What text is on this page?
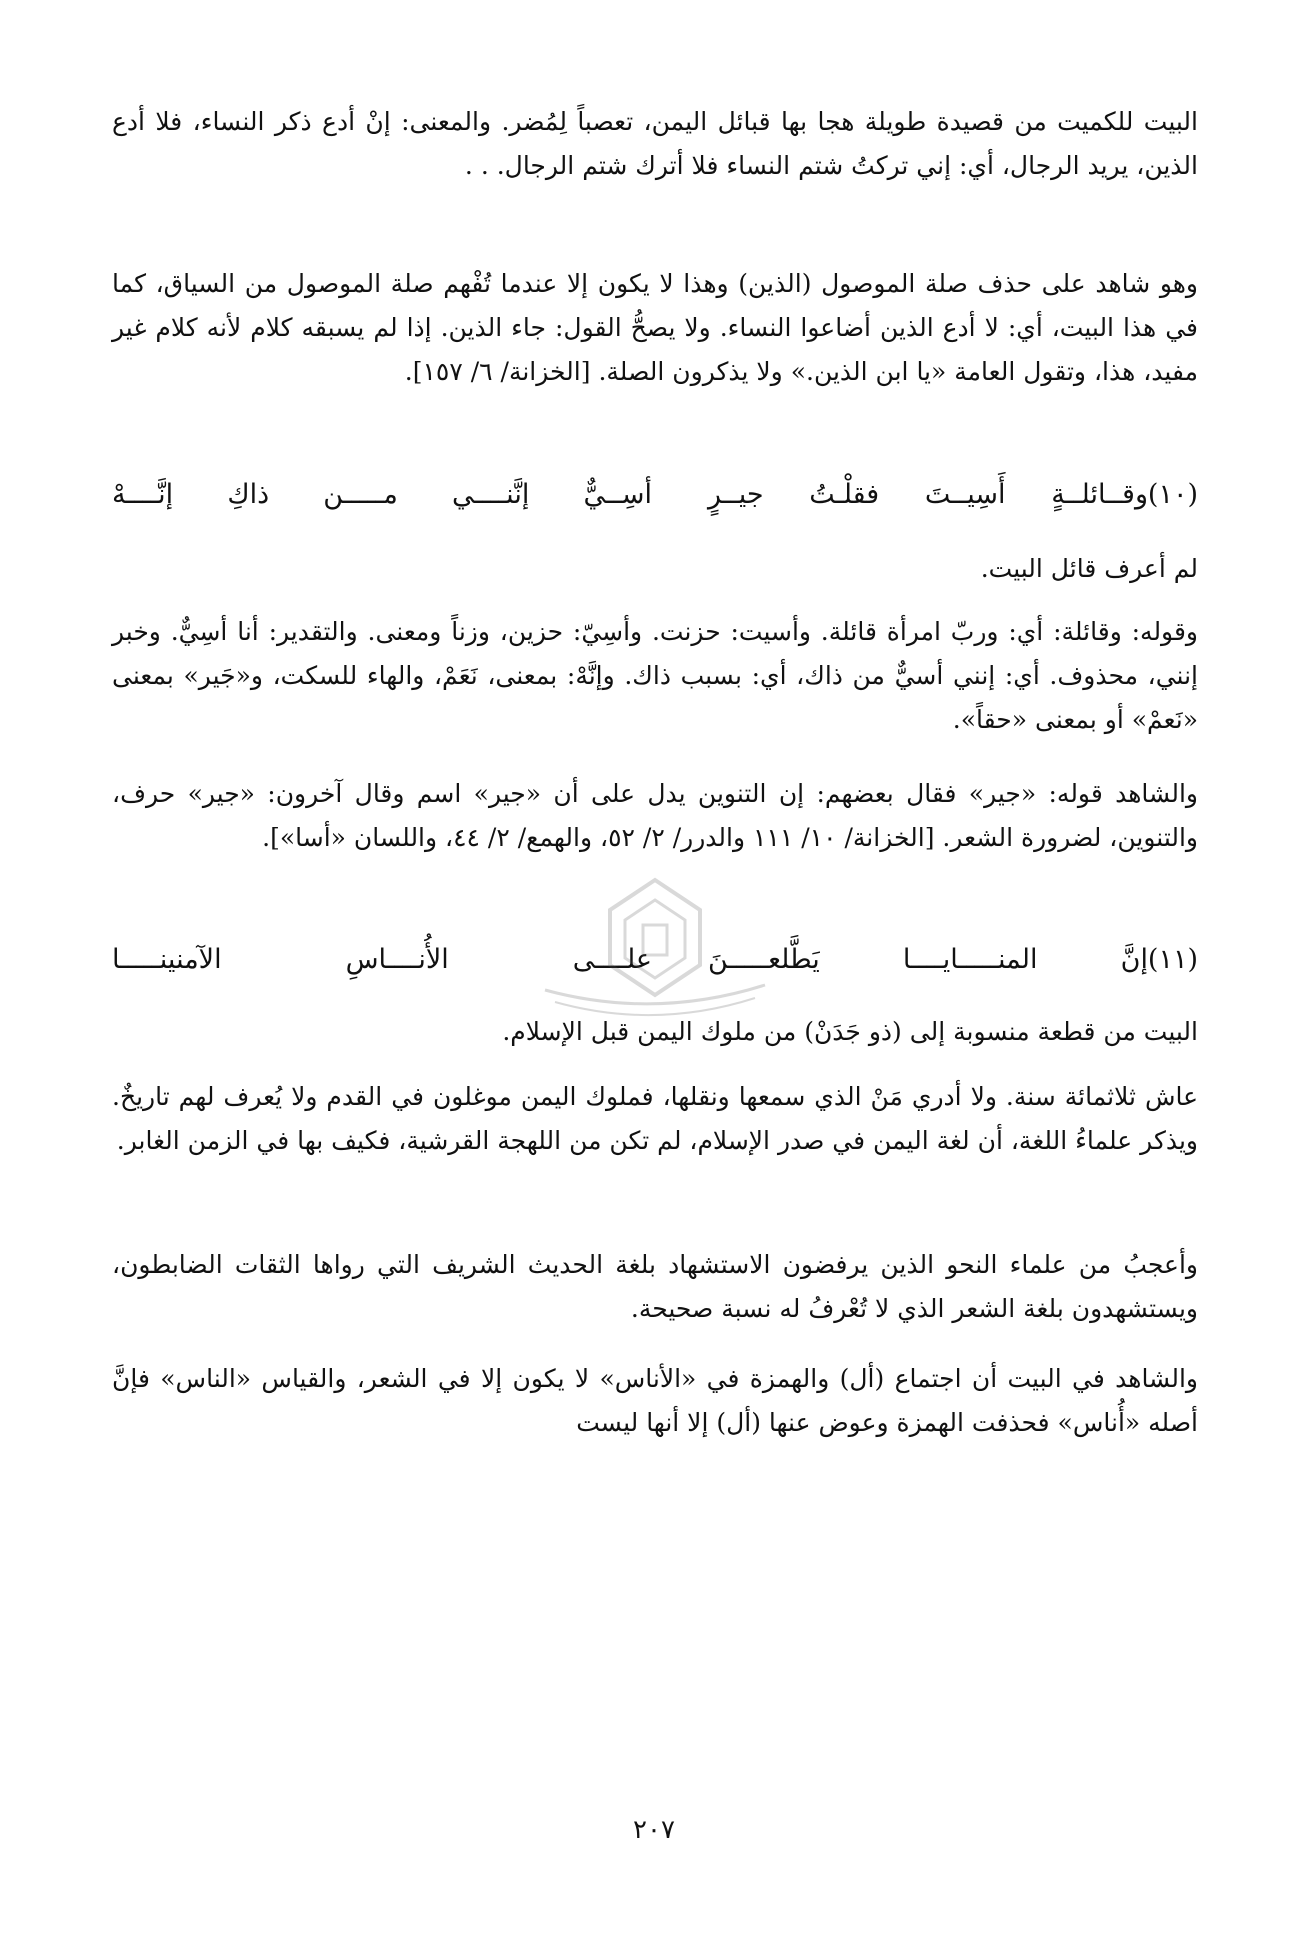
البيت للكميت من قصيدة طويلة هجا بها قبائل اليمن، تعصباً لِمُضر. والمعنى: إنْ أدع ذكر النساء، فلا أدع الذين، يريد الرجال، أي: إني تركتُ شتم النساء فلا أترك شتم الرجال. . .

وهو شاهد على حذف صلة الموصول (الذين) وهذا لا يكون إلا عندما تُفْهم صلة الموصول من السياق، كما في هذا البيت، أي: لا أدع الذين أضاعوا النساء. ولا يصحُّ القول: جاء الذين. إذا لم يسبقه كلام لأنه كلام غير مفيد، هذا، وتقول العامة «يا ابن الذين.» ولا يذكرون الصلة. [الخزانة/ ٦/ ١٥٧].

(١٠)
وقــائلــةٍ أَسِيــتَ فقلْـتُ جيــرٍ
أسِــيٌّ إنَّنــــي مـــــن ذاكِ إنَّــــهْ

لم أعرف قائل البيت.

وقوله: وقائلة: أي: وربّ امرأة قائلة. وأسيت: حزنت. وأسِيّ: حزين، وزناً ومعنى. والتقدير: أنا أسِيٌّ. وخبر إنني، محذوف. أي: إنني أسيٌّ من ذاك، أي: بسبب ذاك. وإنَّهْ: بمعنى، نَعَمْ، والهاء للسكت، و«جَير» بمعنى «نَعمْ» أو بمعنى «حقاً».

والشاهد قوله: «جير» فقال بعضهم: إن التنوين يدل على أن «جير» اسم وقال آخرون: «جير» حرف، والتنوين، لضرورة الشعر. [الخزانة/ ١٠/ ١١١ والدرر/ ٢/ ٥٢، والهمع/ ٢/ ٤٤، واللسان «أسا»].

(١١)
إنَّ المنـــــايــــا يَطَّلعـــــنَ
علــــى الأُنــــاسِ الآمنينـــــا

البيت من قطعة منسوبة إلى (ذو جَدَنْ) من ملوك اليمن قبل الإسلام.

عاش ثلاثمائة سنة. ولا أدري مَنْ الذي سمعها ونقلها، فملوك اليمن موغلون في القدم ولا يُعرف لهم تاريخٌ. ويذكر علماءُ اللغة، أن لغة اليمن في صدر الإسلام، لم تكن من اللهجة القرشية، فكيف بها في الزمن الغابر.

وأعجبُ من علماء النحو الذين يرفضون الاستشهاد بلغة الحديث الشريف التي رواها الثقات الضابطون، ويستشهدون بلغة الشعر الذي لا تُعْرفُ له نسبة صحيحة.

والشاهد في البيت أن اجتماع (أل) والهمزة في «الأناس» لا يكون إلا في الشعر، والقياس «الناس» فإنَّ أصله «أُناس» فحذفت الهمزة وعوض عنها (أل) إلا أنها ليست

٢٠٧
